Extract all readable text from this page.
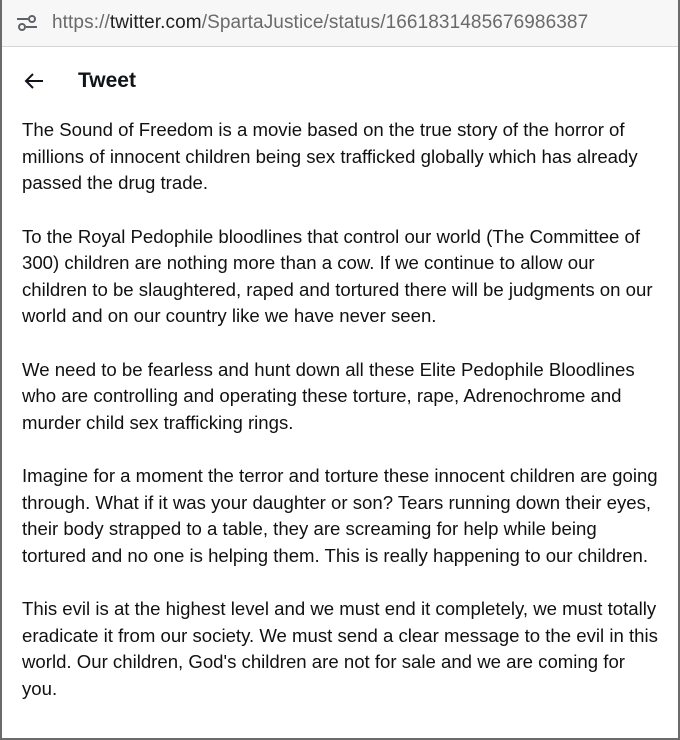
https://twitter.com/SpartaJustice/status/1661831485676986387
Tweet

The Sound of Freedom is a movie based on the true story of the horror of millions of innocent children being sex trafficked globally which has already passed the drug trade.

To the Royal Pedophile bloodlines that control our world (The Committee of 300) children are nothing more than a cow. If we continue to allow our children to be slaughtered, raped and tortured there will be judgments on our world and on our country like we have never seen.

We need to be fearless and hunt down all these Elite Pedophile Bloodlines who are controlling and operating these torture, rape, Adrenochrome and murder child sex trafficking rings.

Imagine for a moment the terror and torture these innocent children are going through. What if it was your daughter or son? Tears running down their eyes, their body strapped to a table, they are screaming for help while being tortured and no one is helping them. This is really happening to our children.

This evil is at the highest level and we must end it completely, we must totally eradicate it from our society. We must send a clear message to the evil in this world. Our children, God's children are not for sale and we are coming for you.
